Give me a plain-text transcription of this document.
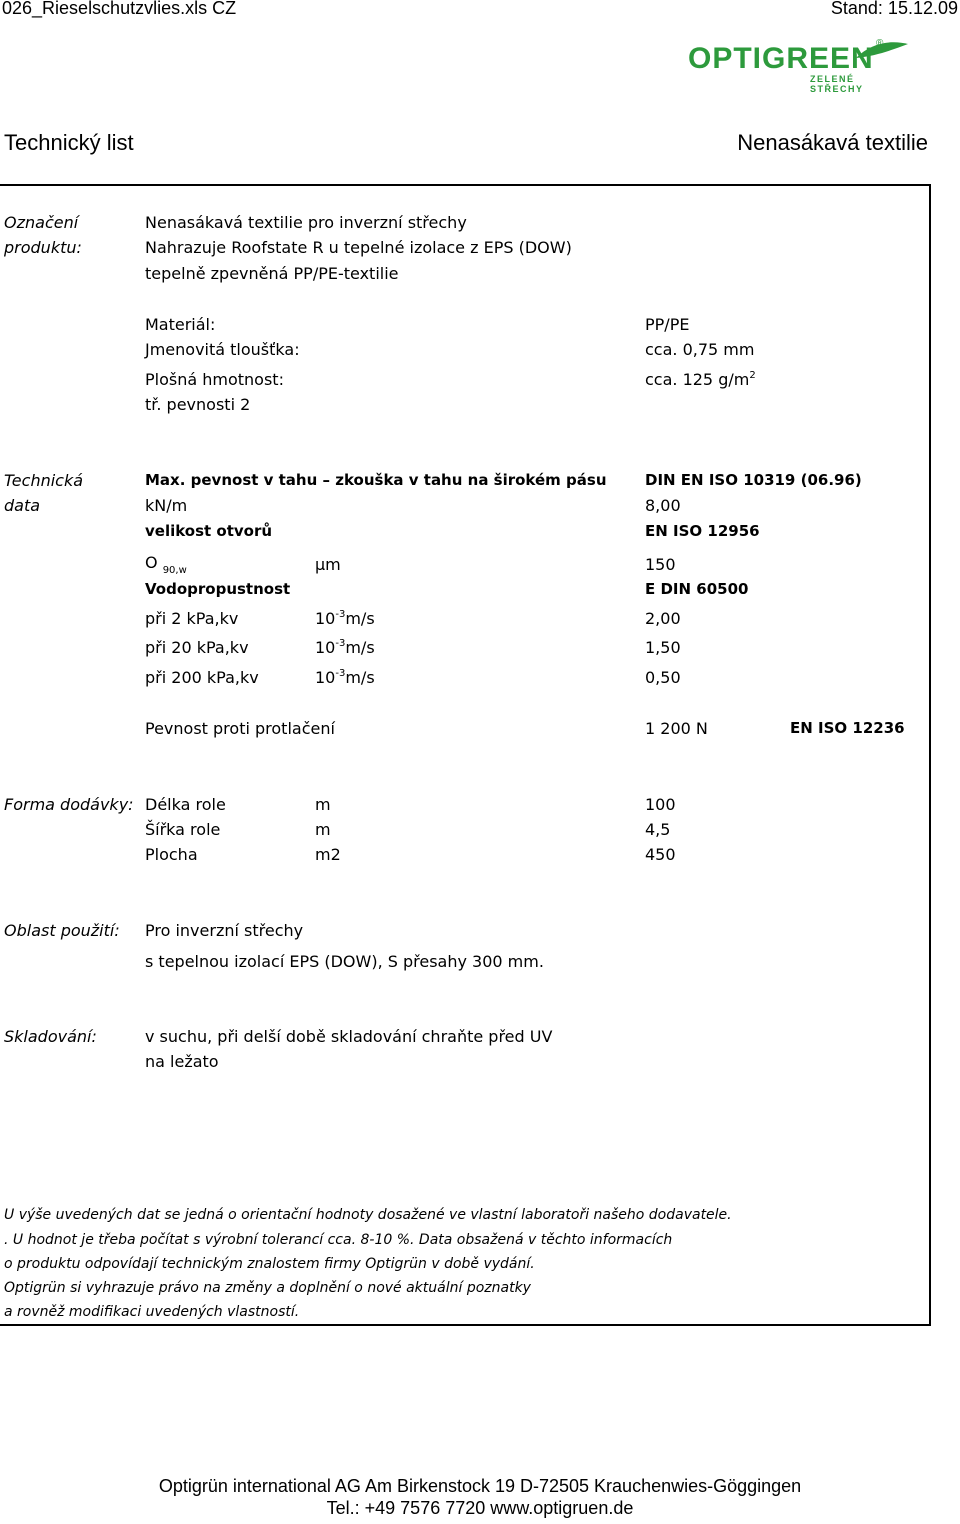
026_Rieselschutzvlies.xls CZ	Stand: 15.12.09
OPTIGREEN ®
ZELENÉ STŘECHY
Technický list	Nenasákavá textilie
Označení
produktu:
Nenasákavá textilie pro inverzní střechy
Nahrazuje Roofstate R u tepelné izolace z EPS (DOW)
tepelně zpevněná PP/PE-textilie
Materiál:	PP/PE
Jmenovitá tloušťka:	cca. 0,75 mm
Plošná hmotnost:	cca. 125 $g/m^2$
tř. pevnosti 2
Technická
data
Max. pevnost v tahu – zkouška v tahu na širokém pásu	DIN EN ISO 10319 (06.96)
kN/m	8,00
velikost otvorů	EN ISO 12956
O $_{90,w}$	µm	150
Vodopropustnost	E DIN 60500
při 2 kPa,kv	$10^{-3}m/s$	2,00
při 20 kPa,kv	$10^{-3}m/s$	1,50
při 200 kPa,kv	$10^{-3}m/s$	0,50
Pevnost proti protlačení	1 200 N	EN ISO 12236
Forma dodávky: Délka role	m	100
Šířka role	m	4,5
Plocha	m2	450
Oblast použití: Pro inverzní střechy
s tepelnou izolací EPS (DOW), S přesahy 300 mm.
Skladování:	v suchu, při delší době skladování chraňte před UV
na ležato
U výše uvedených dat se jedná o orientační hodnoty dosažené ve vlastní laboratoři našeho dodavatele.
. U hodnot je třeba počítat s výrobní tolerancí cca. 8-10 %. Data obsažená v těchto informacích
o produktu odpovídají technickým znalostem firmy Optigrün v době vydání.
Optigrün si vyhrazuje právo na změny a doplnění o nové aktuální poznatky
a rovněž modifikaci uvedených vlastností.
Optigrün international AG Am Birkenstock 19 D-72505 Krauchenwies-Göggingen
Tel.: +49 7576 7720 www.optigruen.de
